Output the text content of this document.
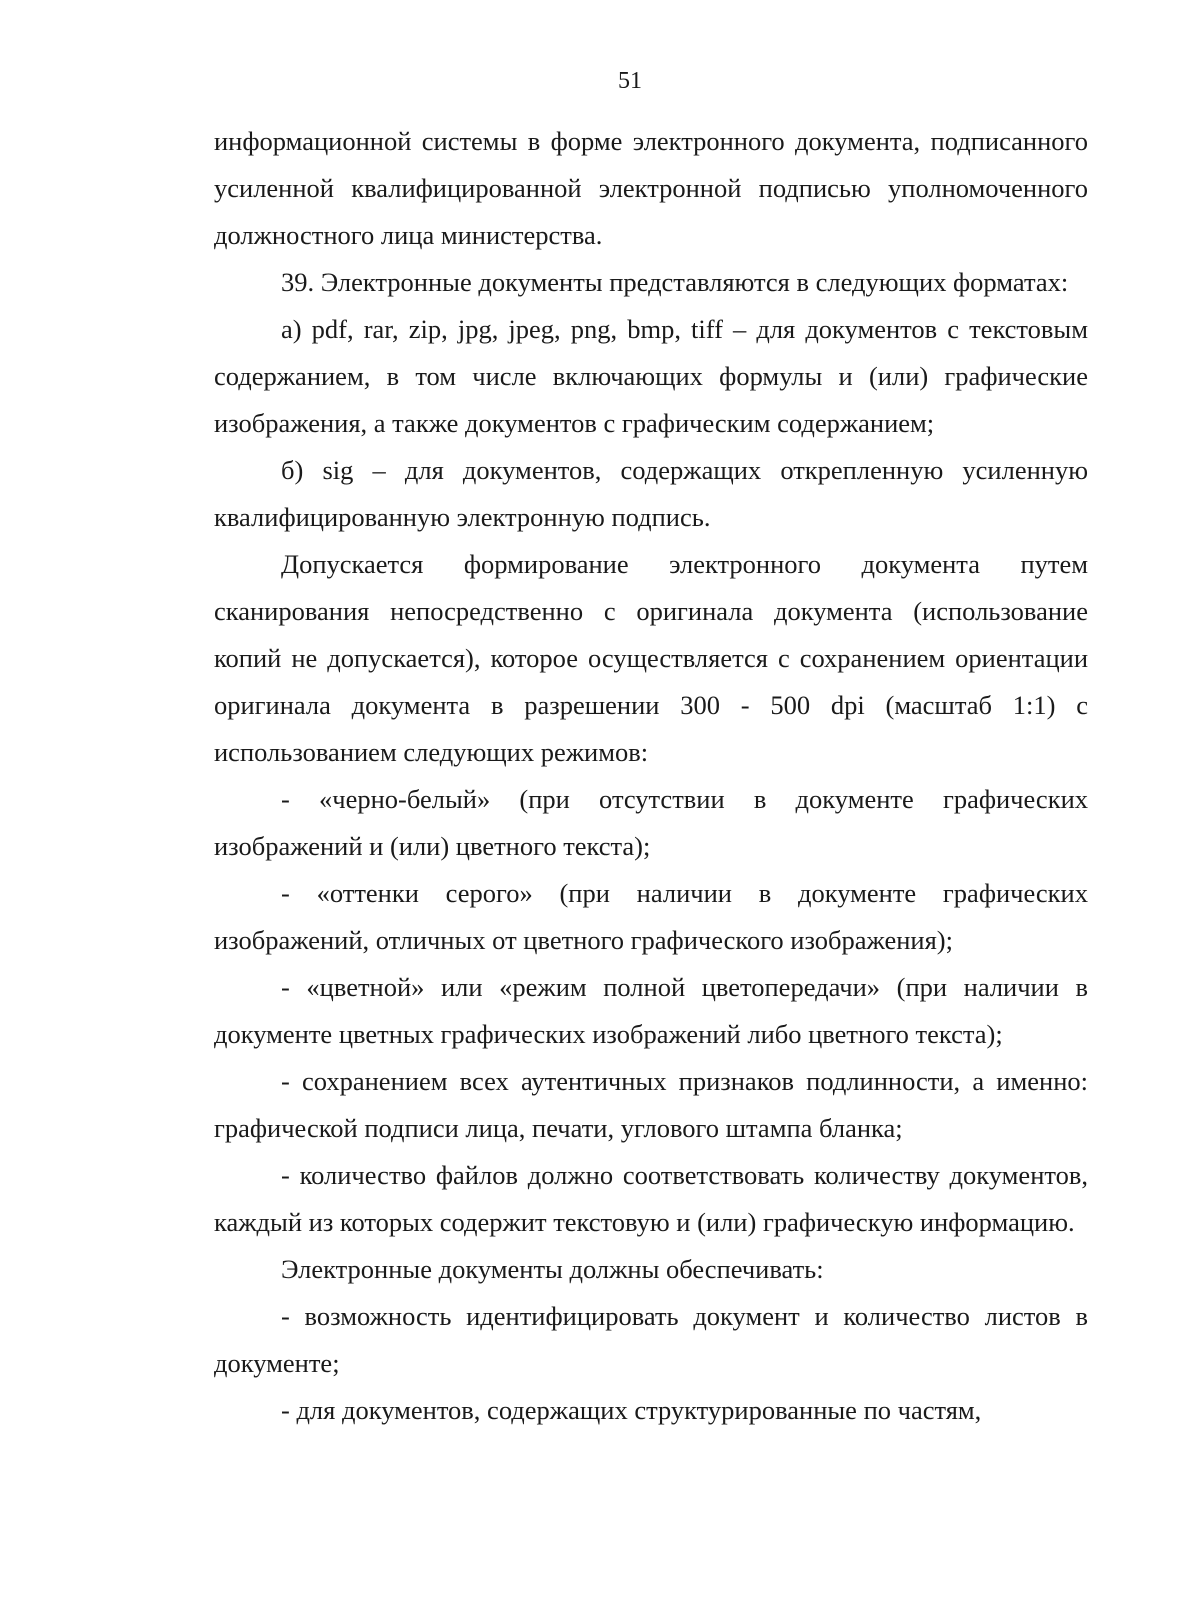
51

информационной системы в форме электронного документа, подписанного усиленной квалифицированной электронной подписью уполномоченного должностного лица министерства.

39. Электронные документы представляются в следующих форматах:

а) pdf, rar, zip, jpg, jpeg, png, bmp, tiff – для документов с текстовым содержанием, в том числе включающих формулы и (или) графические изображения, а также документов с графическим содержанием;

б) sig – для документов, содержащих открепленную усиленную квалифицированную электронную подпись.

Допускается формирование электронного документа путем сканирования непосредственно с оригинала документа (использование копий не допускается), которое осуществляется с сохранением ориентации оригинала документа в разрешении 300 - 500 dpi (масштаб 1:1) с использованием следующих режимов:

- «черно-белый» (при отсутствии в документе графических изображений и (или) цветного текста);

- «оттенки серого» (при наличии в документе графических изображений, отличных от цветного графического изображения);

- «цветной» или «режим полной цветопередачи» (при наличии в документе цветных графических изображений либо цветного текста);

- сохранением всех аутентичных признаков подлинности, а именно: графической подписи лица, печати, углового штампа бланка;

- количество файлов должно соответствовать количеству документов, каждый из которых содержит текстовую и (или) графическую информацию.

Электронные документы должны обеспечивать:

- возможность идентифицировать документ и количество листов в документе;

- для документов, содержащих структурированные по частям,
